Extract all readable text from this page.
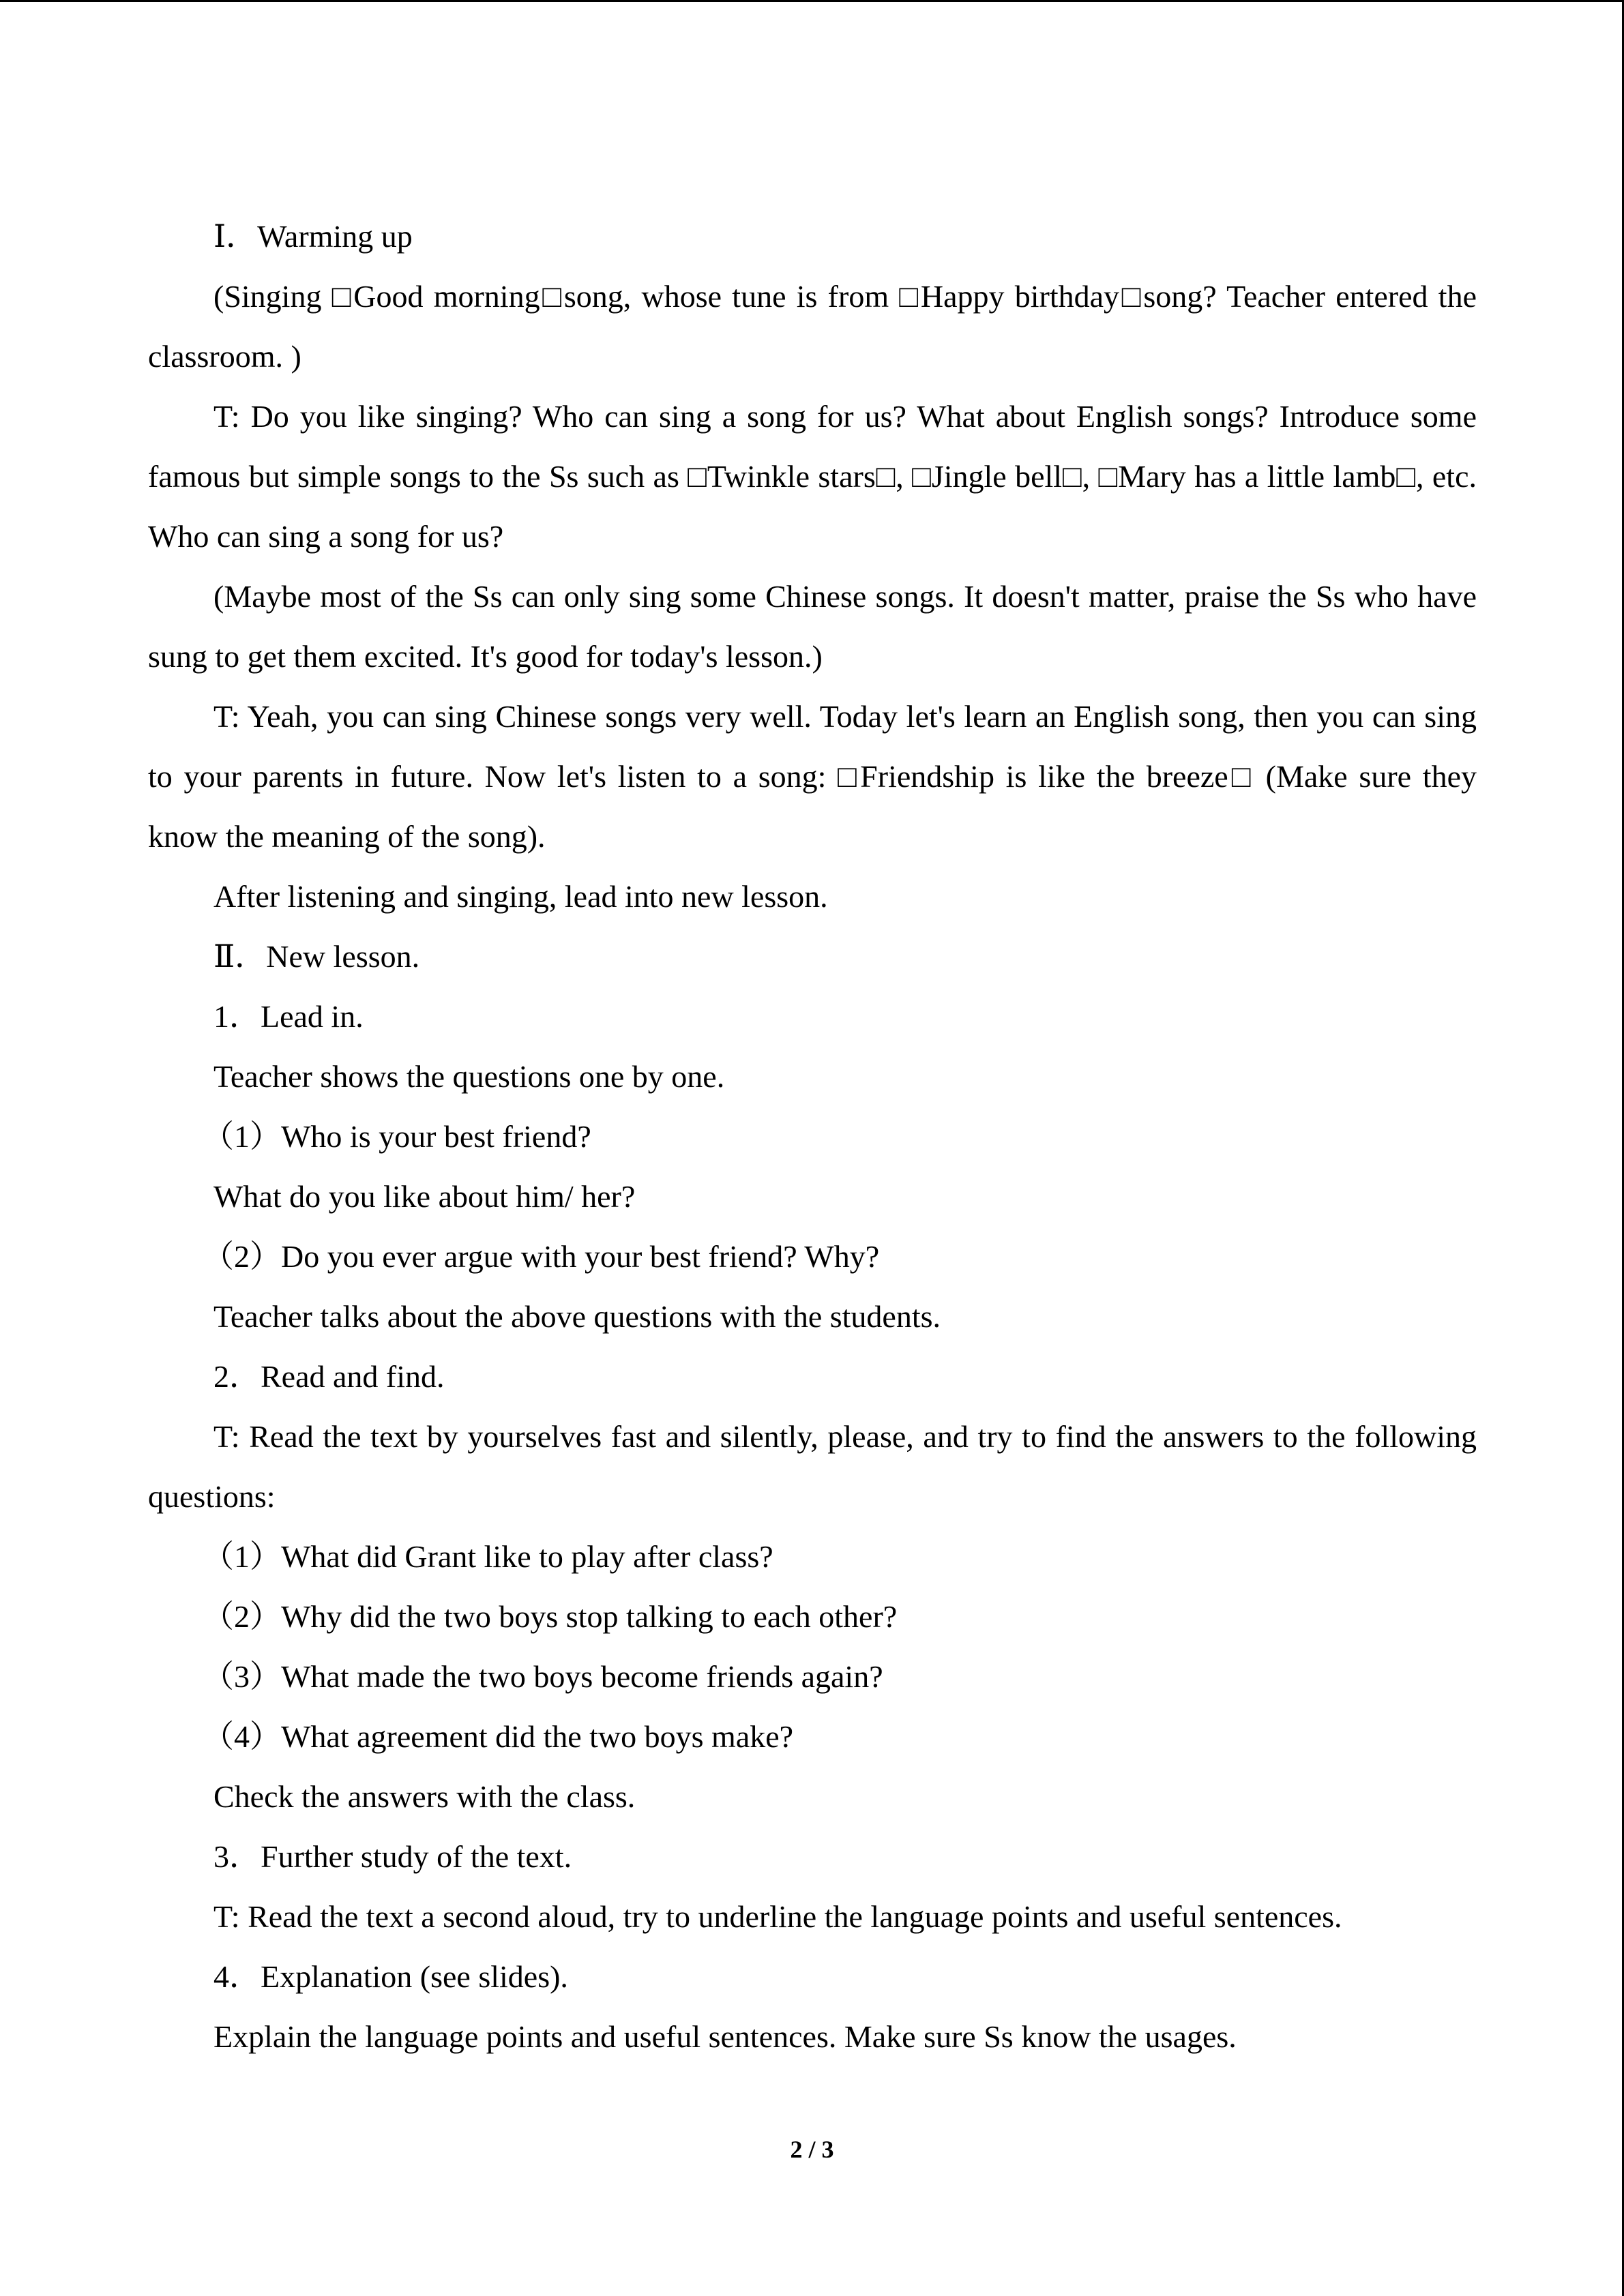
Ⅰ．Warming up

(Singing □Good morning□song, whose tune is from □Happy birthday□song? Teacher entered the classroom. )

T: Do you like singing? Who can sing a song for us? What about English songs? Introduce some famous but simple songs to the Ss such as □Twinkle stars□, □Jingle bell□, □Mary has a little lamb□, etc. Who can sing a song for us?

(Maybe most of the Ss can only sing some Chinese songs. It doesn't matter, praise the Ss who have sung to get them excited. It's good for today's lesson.)

T: Yeah, you can sing Chinese songs very well. Today let's learn an English song, then you can sing to your parents in future. Now let's listen to a song: □Friendship is like the breeze□ (Make sure they know the meaning of the song).

After listening and singing, lead into new lesson.

Ⅱ．New lesson.

1．Lead in.

Teacher shows the questions one by one.

（1）Who is your best friend?

What do you like about him/ her?

（2）Do you ever argue with your best friend? Why?

Teacher talks about the above questions with the students.

2．Read and find.

T: Read the text by yourselves fast and silently, please, and try to find the answers to the following questions:

（1）What did Grant like to play after class?

（2）Why did the two boys stop talking to each other?

（3）What made the two boys become friends again?

（4）What agreement did the two boys make?

Check the answers with the class.

3．Further study of the text.

T: Read the text a second aloud, try to underline the language points and useful sentences.

4．Explanation (see slides).

Explain the language points and useful sentences. Make sure Ss know the usages.

2 / 3
